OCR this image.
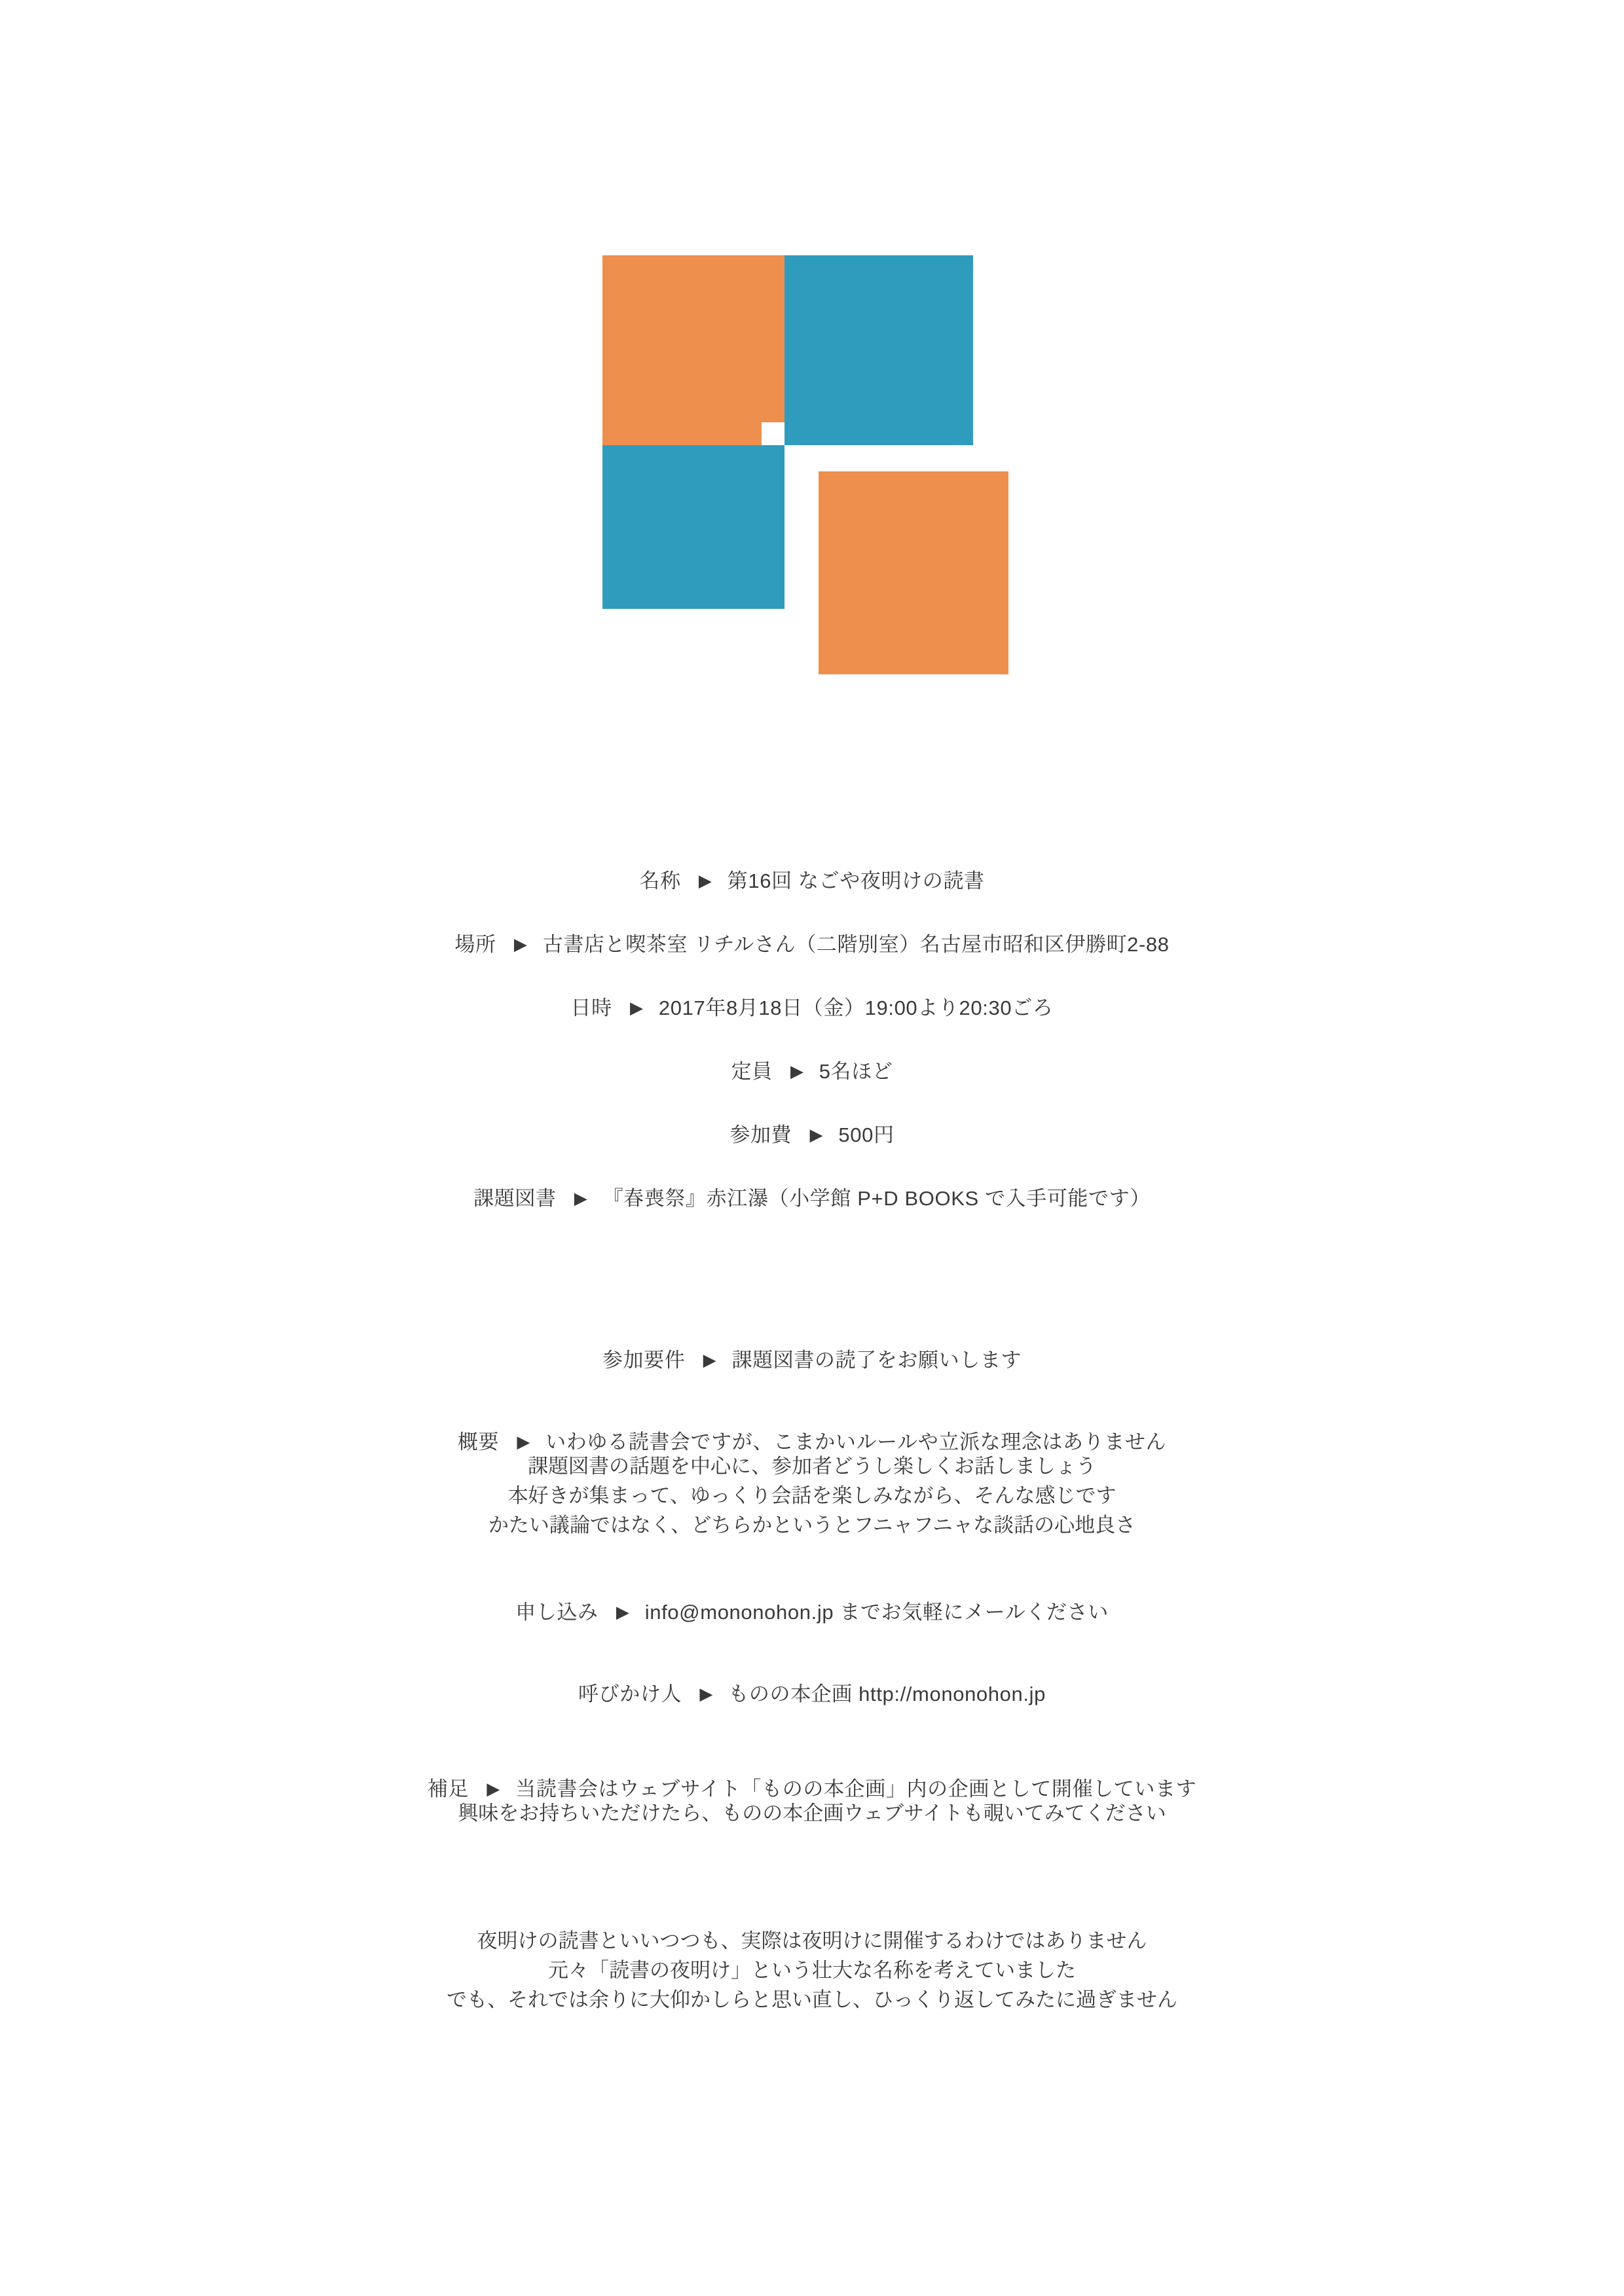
名称 ▶ 第16回 なごや夜明けの読書
場所 ▶ 古書店と喫茶室 リチルさん（二階別室）名古屋市昭和区伊勝町2-88
日時 ▶ 2017年8月18日（金）19:00より20:30ごろ
定員 ▶ 5名ほど
参加費 ▶ 500円
課題図書 ▶ 『春喪祭』赤江瀑（小学館 P+D BOOKS で入手可能です）
参加要件 ▶ 課題図書の読了をお願いします
概要 ▶ いわゆる読書会ですが、こまかいルールや立派な理念はありません
課題図書の話題を中心に、参加者どうし楽しくお話しましょう
本好きが集まって、ゆっくり会話を楽しみながら、そんな感じです
かたい議論ではなく、どちらかというとフニャフニャな談話の心地良さ
申し込み ▶ info@mononohon.jp までお気軽にメールください
呼びかけ人 ▶ ものの本企画 http://mononohon.jp
補足 ▶ 当読書会はウェブサイト「ものの本企画」内の企画として開催しています
興味をお持ちいただけたら、ものの本企画ウェブサイトも覗いてみてください
夜明けの読書といいつつも、実際は夜明けに開催するわけではありません
元々「読書の夜明け」という壮大な名称を考えていました
でも、それでは余りに大仰かしらと思い直し、ひっくり返してみたに過ぎません
